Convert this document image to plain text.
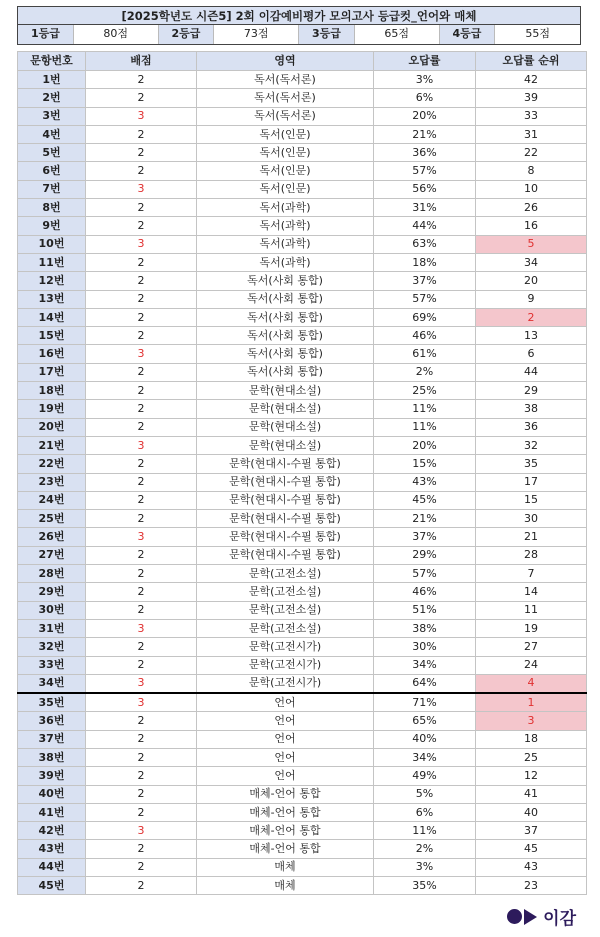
[2025학년도 시즌5] 2회 이감예비평가 모의고사 등급컷_언어와 매체
1등급	80점	2등급	73점	3등급	65점	4등급	55점
문항번호	배점	영역	오답률	오답률 순위
1번	2	독서(독서론)	3%	42
2번	2	독서(독서론)	6%	39
3번	3	독서(독서론)	20%	33
4번	2	독서(인문)	21%	31
5번	2	독서(인문)	36%	22
6번	2	독서(인문)	57%	8
7번	3	독서(인문)	56%	10
8번	2	독서(과학)	31%	26
9번	2	독서(과학)	44%	16
10번	3	독서(과학)	63%	5
11번	2	독서(과학)	18%	34
12번	2	독서(사회 통합)	37%	20
13번	2	독서(사회 통합)	57%	9
14번	2	독서(사회 통합)	69%	2
15번	2	독서(사회 통합)	46%	13
16번	3	독서(사회 통합)	61%	6
17번	2	독서(사회 통합)	2%	44
18번	2	문학(현대소설)	25%	29
19번	2	문학(현대소설)	11%	38
20번	2	문학(현대소설)	11%	36
21번	3	문학(현대소설)	20%	32
22번	2	문학(현대시-수필 통합)	15%	35
23번	2	문학(현대시-수필 통합)	43%	17
24번	2	문학(현대시-수필 통합)	45%	15
25번	2	문학(현대시-수필 통합)	21%	30
26번	3	문학(현대시-수필 통합)	37%	21
27번	2	문학(현대시-수필 통합)	29%	28
28번	2	문학(고전소설)	57%	7
29번	2	문학(고전소설)	46%	14
30번	2	문학(고전소설)	51%	11
31번	3	문학(고전소설)	38%	19
32번	2	문학(고전시가)	30%	27
33번	2	문학(고전시가)	34%	24
34번	3	문학(고전시가)	64%	4
35번	3	언어	71%	1
36번	2	언어	65%	3
37번	2	언어	40%	18
38번	2	언어	34%	25
39번	2	언어	49%	12
40번	2	매체-언어 통합	5%	41
41번	2	매체-언어 통합	6%	40
42번	3	매체-언어 통합	11%	37
43번	2	매체-언어 통합	2%	45
44번	2	매체	3%	43
45번	2	매체	35%	23
이감
